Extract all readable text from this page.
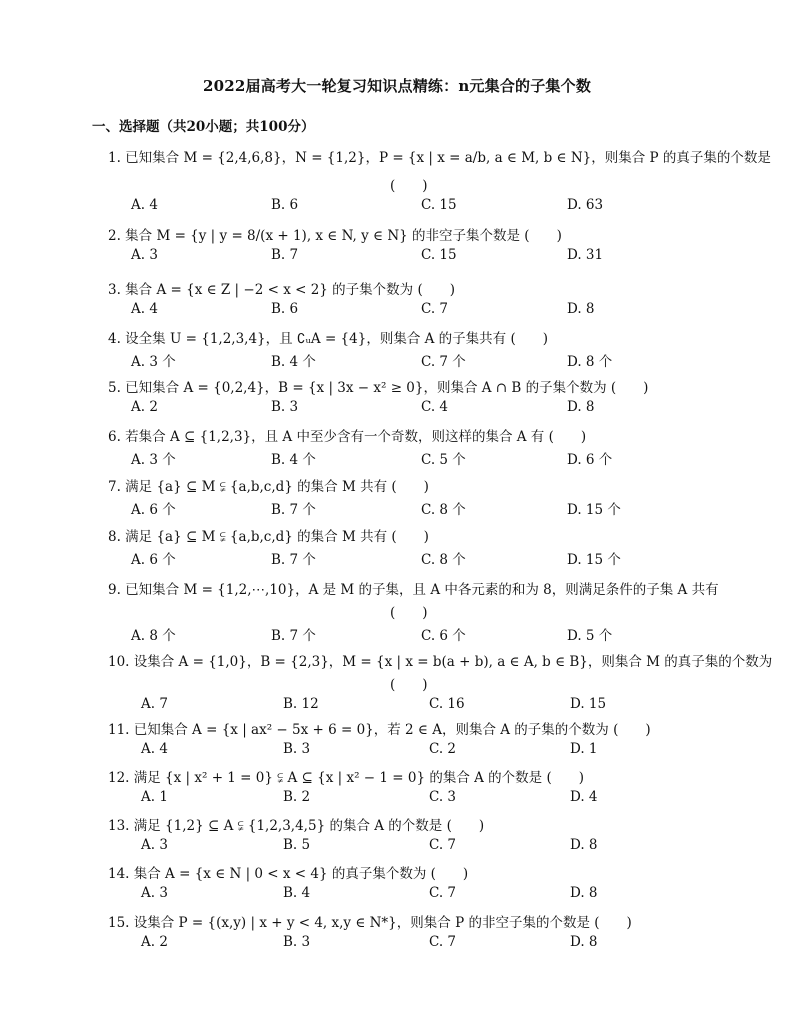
2022届高考大一轮复习知识点精练：n元集合的子集个数
一、选择题（共20小题；共100分）
1. 已知集合 M = {2,4,6,8}，N = {1,2}，P = {x | x = a/b, a ∈ M, b ∈ N}，则集合 P 的真子集的个数是
(　　)
A. 4	B. 6	C. 15	D. 63
2. 集合 M = {y | y = 8/(x + 1), x ∈ N, y ∈ N} 的非空子集个数是 (　　)
A. 3	B. 7	C. 15	D. 31
3. 集合 A = {x ∈ Z | −2 < x < 2} 的子集个数为 (　　)
A. 4	B. 6	C. 7	D. 8
4. 设全集 U = {1,2,3,4}，且 ∁ᵤA = {4}，则集合 A 的子集共有 (　　)
A. 3 个	B. 4 个	C. 7 个	D. 8 个
5. 已知集合 A = {0,2,4}，B = {x | 3x − x² ≥ 0}，则集合 A ∩ B 的子集个数为 (　　)
A. 2	B. 3	C. 4	D. 8
6. 若集合 A ⊆ {1,2,3}，且 A 中至少含有一个奇数，则这样的集合 A 有 (　　)
A. 3 个	B. 4 个	C. 5 个	D. 6 个
7. 满足 {a} ⊆ M ⫋ {a,b,c,d} 的集合 M 共有 (　　)
A. 6 个	B. 7 个	C. 8 个	D. 15 个
8. 满足 {a} ⊆ M ⫋ {a,b,c,d} 的集合 M 共有 (　　)
A. 6 个	B. 7 个	C. 8 个	D. 15 个
9. 已知集合 M = {1,2,⋯,10}，A 是 M 的子集，且 A 中各元素的和为 8，则满足条件的子集 A 共有
(　　)
A. 8 个	B. 7 个	C. 6 个	D. 5 个
10. 设集合 A = {1,0}，B = {2,3}，M = {x | x = b(a + b), a ∈ A, b ∈ B}，则集合 M 的真子集的个数为
(　　)
A. 7	B. 12	C. 16	D. 15
11. 已知集合 A = {x | ax² − 5x + 6 = 0}，若 2 ∈ A，则集合 A 的子集的个数为 (　　)
A. 4	B. 3	C. 2	D. 1
12. 满足 {x | x² + 1 = 0} ⫋ A ⊆ {x | x² − 1 = 0} 的集合 A 的个数是 (　　)
A. 1	B. 2	C. 3	D. 4
13. 满足 {1,2} ⊆ A ⫋ {1,2,3,4,5} 的集合 A 的个数是 (　　)
A. 3	B. 5	C. 7	D. 8
14. 集合 A = {x ∈ N | 0 < x < 4} 的真子集个数为 (　　)
A. 3	B. 4	C. 7	D. 8
15. 设集合 P = {(x,y) | x + y < 4, x,y ∈ N*}，则集合 P 的非空子集的个数是 (　　)
A. 2	B. 3	C. 7	D. 8
